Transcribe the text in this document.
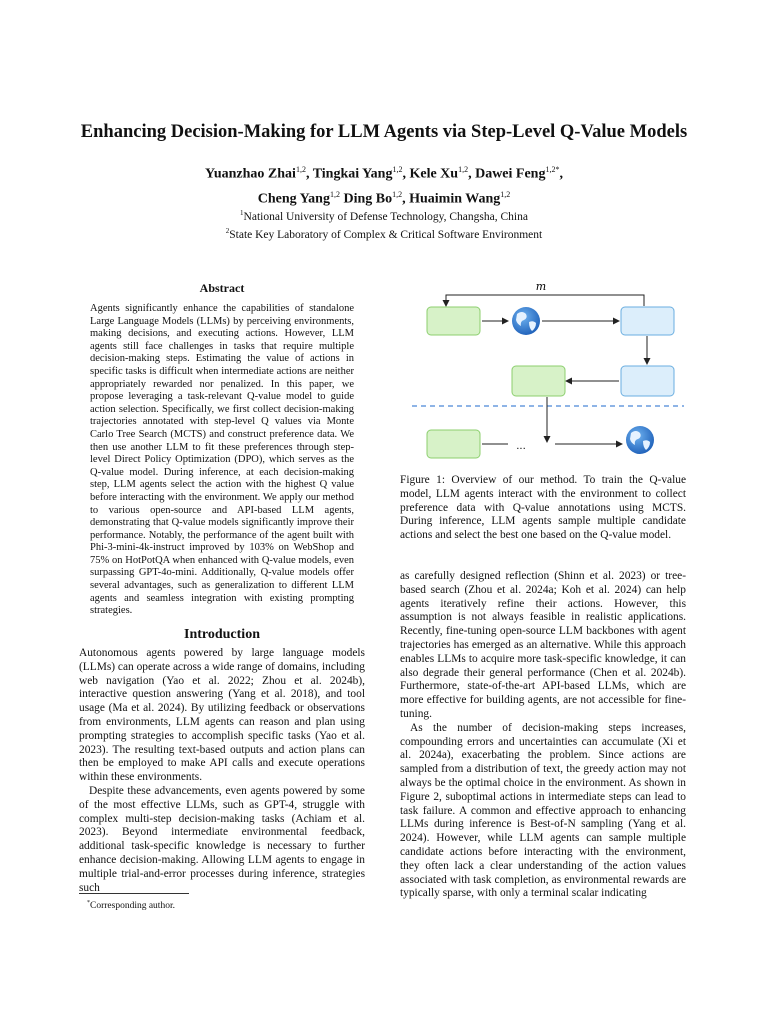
Enhancing Decision-Making for LLM Agents via Step-Level Q-Value Models
Yuanzhao Zhai$^{1,2}$, Tingkai Yang$^{1,2}$, Kele Xu$^{1,2}$, Dawei Feng$^{1,2*}$,
Cheng Yang$^{1,2}$ Ding Bo$^{1,2}$, Huaimin Wang$^{1,2}$
$^1$National University of Defense Technology, Changsha, China
$^2$State Key Laboratory of Complex & Critical Software Environment
Abstract
Agents significantly enhance the capabilities of standalone Large Language Models (LLMs) by perceiving environments, making decisions, and executing actions. However, LLM agents still face challenges in tasks that require multiple decision-making steps. Estimating the value of actions in specific tasks is difficult when intermediate actions are neither appropriately rewarded nor penalized. In this paper, we propose leveraging a task-relevant Q-value model to guide action selection. Specifically, we first collect decision-making trajectories annotated with step-level Q values via Monte Carlo Tree Search (MCTS) and construct preference data. We then use another LLM to fit these preferences through step-level Direct Policy Optimization (DPO), which serves as the Q-value model. During inference, at each decision-making step, LLM agents select the action with the highest Q value before interacting with the environment. We apply our method to various open-source and API-based LLM agents, demonstrating that Q-value models significantly improve their performance. Notably, the performance of the agent built with Phi-3-mini-4k-instruct improved by 103% on WebShop and 75% on HotPotQA when enhanced with Q-value models, even surpassing GPT-4o-mini. Additionally, Q-value models offer several advantages, such as generalization to different LLM agents and seamless integration with existing prompting strategies.
Introduction

Autonomous agents powered by large language models (LLMs) can operate across a wide range of domains, including web navigation (Yao et al. 2022; Zhou et al. 2024b), interactive question answering (Yang et al. 2018), and tool usage (Ma et al. 2024). By utilizing feedback or observations from environments, LLM agents can reason and plan using prompting strategies to accomplish specific tasks (Yao et al. 2023). The resulting text-based outputs and action plans can then be employed to make API calls and execute operations within these environments.

Despite these advancements, even agents powered by some of the most effective LLMs, such as GPT-4, struggle with complex multi-step decision-making tasks (Achiam et al. 2023). Beyond intermediate environmental feedback, additional task-specific knowledge is necessary to further enhance decision-making. Allowing LLM agents to engage in multiple trial-and-error processes during inference, strategies such

*Corresponding author.
m
...
Figure 1: Overview of our method. To train the Q-value model, LLM agents interact with the environment to collect preference data with Q-value annotations using MCTS. During inference, LLM agents sample multiple candidate actions and select the best one based on the Q-value model.

as carefully designed reflection (Shinn et al. 2023) or tree-based search (Zhou et al. 2024a; Koh et al. 2024) can help agents iteratively refine their actions. However, this assumption is not always feasible in realistic applications. Recently, fine-tuning open-source LLM backbones with agent trajectories has emerged as an alternative. While this approach enables LLMs to acquire more task-specific knowledge, it can also degrade their general performance (Chen et al. 2024b). Furthermore, state-of-the-art API-based LLMs, which are more effective for building agents, are not accessible for fine-tuning.

As the number of decision-making steps increases, compounding errors and uncertainties can accumulate (Xi et al. 2024a), exacerbating the problem. Since actions are sampled from a distribution of text, the greedy action may not always be the optimal choice in the environment. As shown in Figure 2, suboptimal actions in intermediate steps can lead to task failure. A common and effective approach to enhancing LLMs during inference is Best-of-N sampling (Yang et al. 2024). However, while LLM agents can sample multiple candidate actions before interacting with the environment, they often lack a clear understanding of the action values associated with task completion, as environmental rewards are typically sparse, with only a terminal scalar indicating
